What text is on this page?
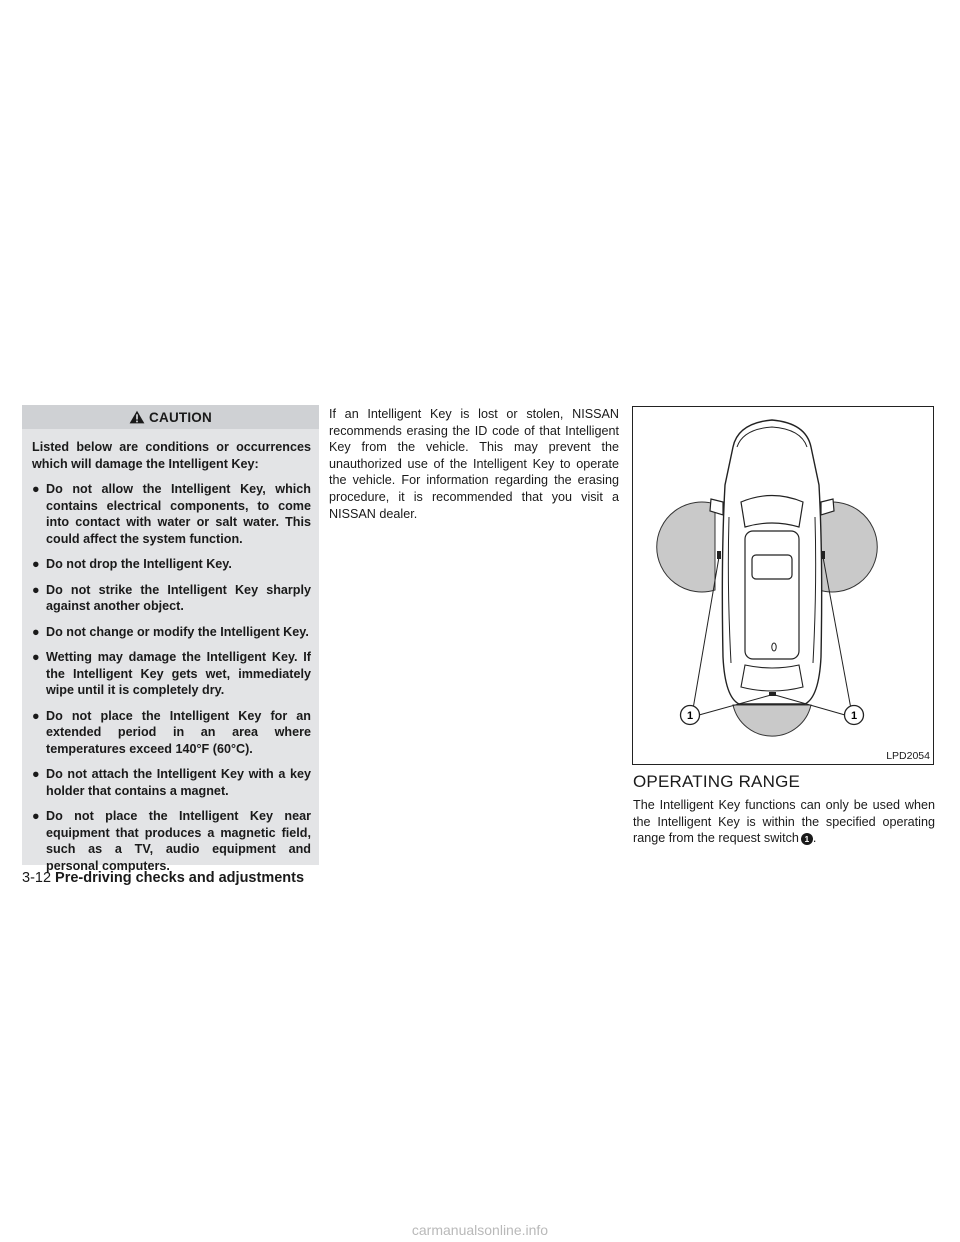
CAUTION
Listed below are conditions or occurrences which will damage the Intelligent Key:
● Do not allow the Intelligent Key, which contains electrical components, to come into contact with water or salt water. This could affect the system function.
● Do not drop the Intelligent Key.
● Do not strike the Intelligent Key sharply against another object.
● Do not change or modify the Intelligent Key.
● Wetting may damage the Intelligent Key. If the Intelligent Key gets wet, immediately wipe until it is completely dry.
● Do not place the Intelligent Key for an extended period in an area where temperatures exceed 140°F (60°C).
● Do not attach the Intelligent Key with a key holder that contains a magnet.
● Do not place the Intelligent Key near equipment that produces a magnetic field, such as a TV, audio equipment and personal computers.
If an Intelligent Key is lost or stolen, NISSAN recommends erasing the ID code of that Intelligent Key from the vehicle. This may prevent the unauthorized use of the Intelligent Key to operate the vehicle. For information regarding the erasing procedure, it is recommended that you visit a NISSAN dealer.
1	1
LPD2054
OPERATING RANGE
The Intelligent Key functions can only be used when the Intelligent Key is within the specified operating range from the request switch 1 .
3-12 Pre-driving checks and adjustments
carmanualsonline.info
